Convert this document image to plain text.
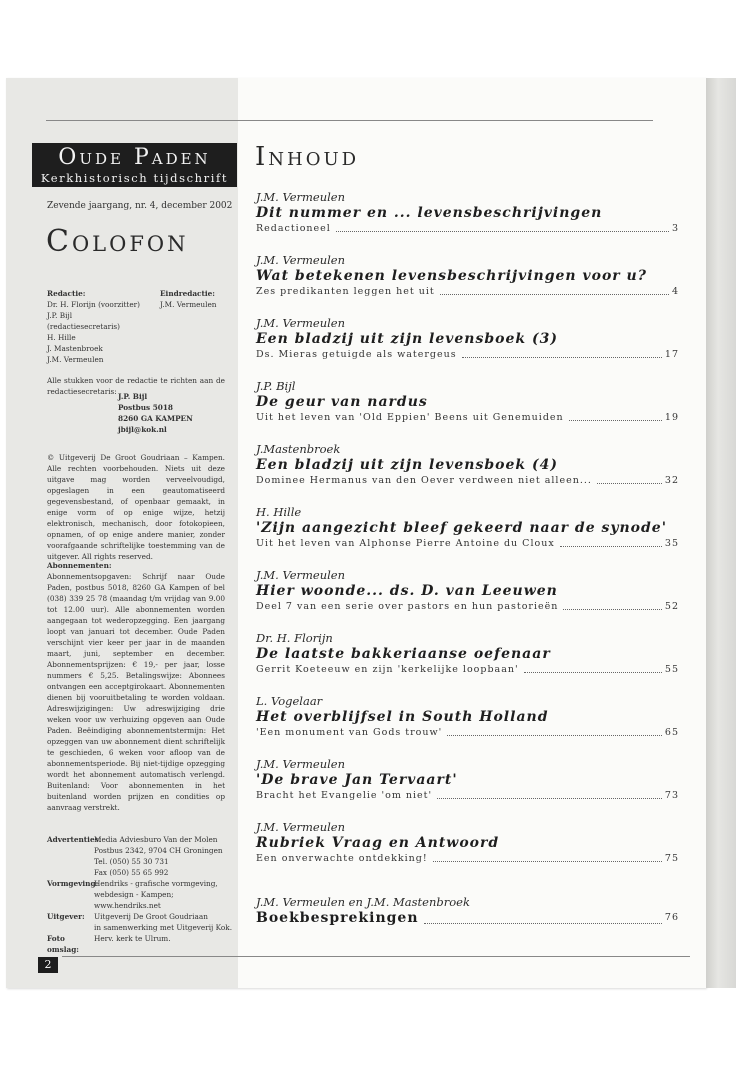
Oude Paden
Kerkhistorisch tijdschrift
Zevende jaargang, nr. 4, december 2002
Colofon
Redactie:
Dr. H. Florijn (voorzitter)
J.P. Bijl (redactiesecretaris)
H. Hille
J. Mastenbroek
J.M. Vermeulen
Eindredactie:
J.M. Vermeulen
Alle stukken voor de redactie te richten aan de redactiesecretaris:
J.P. Bijl
Postbus 5018
8260 GA KAMPEN
jbijl@kok.nl
© Uitgeverij De Groot Goudriaan – Kampen. Alle rechten voorbehouden. Niets uit deze uitgave mag worden verveelvoudigd, opgeslagen in een geautomatiseerd gegevensbestand, of openbaar gemaakt, in enige vorm of op enige wijze, hetzij elektronisch, mechanisch, door fotokopieen, opnamen, of op enige andere manier, zonder voorafgaande schriftelijke toestemming van de uitgever. All rights reserved.
Abonnementen:
Abonnementsopgaven: Schrijf naar Oude Paden, postbus 5018, 8260 GA Kampen of bel (038) 339 25 78 (maandag t/m vrijdag van 9.00 tot 12.00 uur). Alle abonnementen worden aangegaan tot wederopzegging. Een jaargang loopt van januari tot december. Oude Paden verschijnt vier keer per jaar in de maanden maart, juni, september en december. Abonnementsprijzen: € 19,- per jaar, losse nummers € 5,25. Betalingswijze: Abonnees ontvangen een acceptgirokaart. Abonnementen dienen bij vooruitbetaling te worden voldaan. Adreswijzigingen: Uw adreswijziging drie weken voor uw verhuizing opgeven aan Oude Paden. Beëindiging abonnementstermijn: Het opzeggen van uw abonnement dient schriftelijk te geschieden, 6 weken voor afloop van de abonnementsperiode. Bij niet-tijdige opzegging wordt het abonnement automatisch verlengd. Buitenland: Voor abonnementen in het buitenland worden prijzen en condities op aanvraag verstrekt.
Advertenties:
Media Adviesburo Van der Molen
Postbus 2342, 9704 CH Groningen
Tel. (050) 55 30 731
Fax (050) 55 65 992
Vormgeving:
Hendriks - grafische vormgeving,
webdesign - Kampen; www.hendriks.net
Uitgever:	Uitgeverij De Groot Goudriaan
in samenwerking met Uitgeverij Kok.
Foto omslag:
Herv. kerk te Ulrum.
2
Inhoud
J.M. Vermeulen
Dit nummer en ... levensbeschrijvingen
Redactioneel	3
J.M. Vermeulen
Wat betekenen levensbeschrijvingen voor u?
Zes predikanten leggen het uit	4
J.M. Vermeulen
Een bladzij uit zijn levensboek (3)
Ds. Mieras getuigde als watergeus	17
J.P. Bijl
De geur van nardus
Uit het leven van 'Old Eppien' Beens uit Genemuiden	19
J.Mastenbroek
Een bladzij uit zijn levensboek (4)
Dominee Hermanus van den Oever verdween niet alleen...	32
H. Hille
'Zijn aangezicht bleef gekeerd naar de synode'
Uit het leven van Alphonse Pierre Antoine du Cloux	35
J.M. Vermeulen
Hier woonde... ds. D. van Leeuwen
Deel 7 van een serie over pastors en hun pastorieën	52
Dr. H. Florijn
De laatste bakkeriaanse oefenaar
Gerrit Koeteeuw en zijn 'kerkelijke loopbaan'	55
L. Vogelaar
Het overblijfsel in South Holland
'Een monument van Gods trouw'	65
J.M. Vermeulen
'De brave Jan Tervaart'
Bracht het Evangelie 'om niet'	73
J.M. Vermeulen
Rubriek Vraag en Antwoord
Een onverwachte ontdekking!	75
J.M. Vermeulen en J.M. Mastenbroek
Boekbesprekingen	76
